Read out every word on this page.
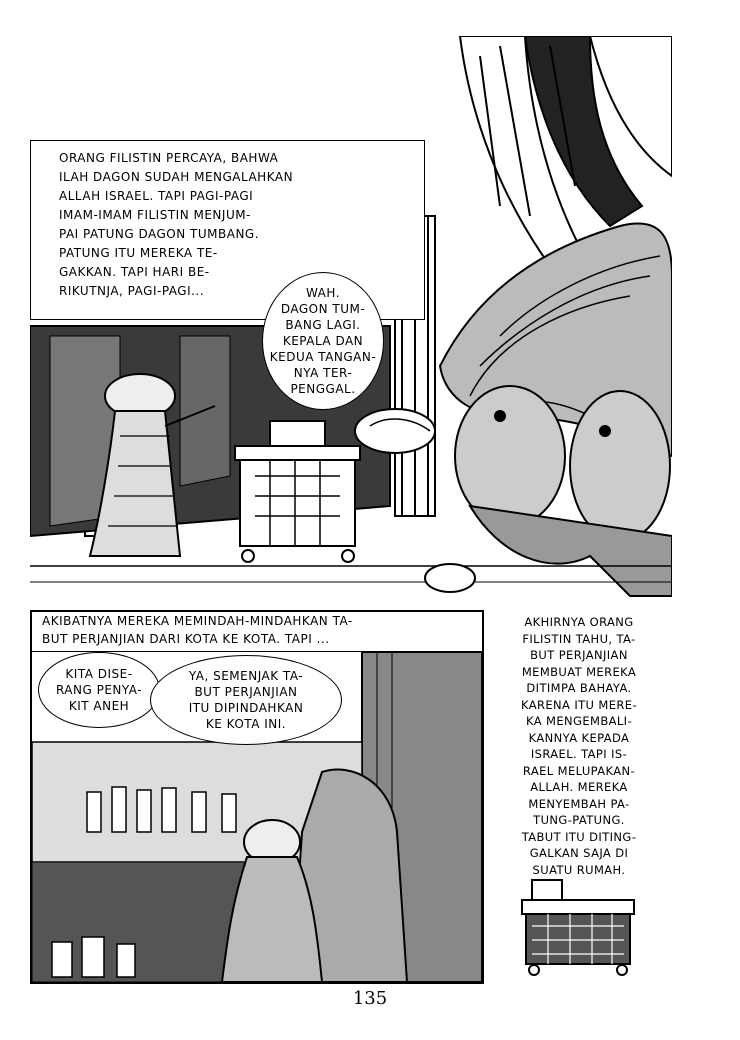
ORANG FILISTIN PERCAYA, BAHWA
ILAH DAGON SUDAH MENGALAHKAN
ALLAH ISRAEL. TAPI PAGI-PAGI
IMAM-IMAM FILISTIN MENJUM-
PAI PATUNG DAGON TUMBANG.
PATUNG ITU MEREKA TE-
GAKKAN. TAPI HARI BE-
RIKUTNJA, PAGI-PAGI...	WAH.
DAGON TUM-
BANG LAGI.
KEPALA DAN
KEDUA TANGAN-
NYA TER-
PENGGAL.
AKIBATNYA MEREKA MEMINDAH-MINDAHKAN TA-
BUT PERJANJIAN DARI KOTA KE KOTA. TAPI ...
KITA DISE-
RANG PENYA-
KIT ANEH
YA, SEMENJAK TA-
BUT PERJANJIAN
ITU DIPINDAHKAN
KE KOTA INI.
AKHIRNYA ORANG
FILISTIN TAHU, TA-
BUT PERJANJIAN
MEMBUAT MEREKA
DITIMPA BAHAYA.
KARENA ITU MERE-
KA MENGEMBALI-
KANNYA KEPADA
ISRAEL. TAPI IS-
RAEL MELUPAKAN-
ALLAH. MEREKA
MENYEMBAH PA-
TUNG-PATUNG.
TABUT ITU DITING-
GALKAN SAJA DI
SUATU RUMAH.
135
